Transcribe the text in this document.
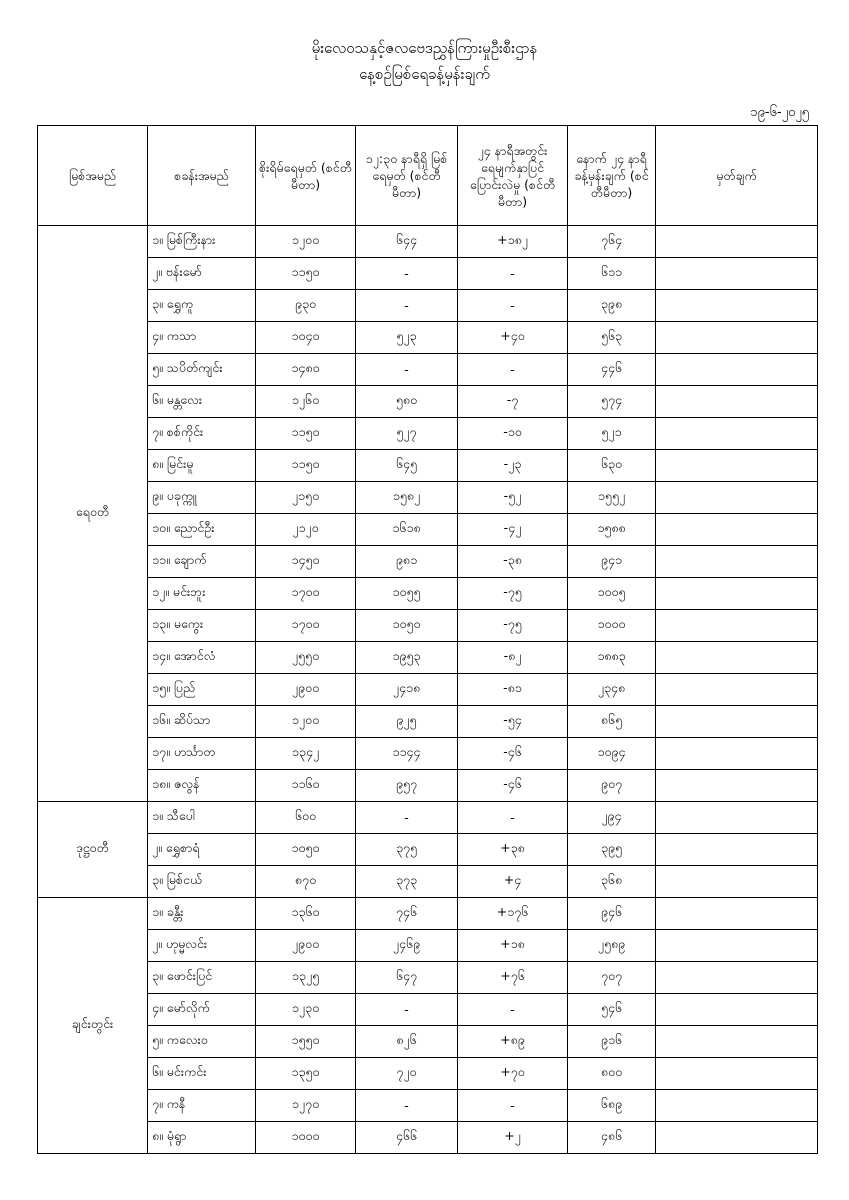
မိုးလေဝသနှင့်ဇလဗေဒညွှန်ကြားမှုဦးစီးဌာန
နေ့စဉ်မြစ်ရေခန့်မှန်းချက်
၁၉-၆-၂၀၂၅
မြစ်အမည်	စခန်းအမည်	စိုးရိမ်ရေမှတ် (စင်တီမီတာ)	၁၂:၃၀ နာရီရှိ မြစ်ရေမှတ် (စင်တီမီတာ)	၂၄ နာရီအတွင်း ရေမျက်နှာပြင် ပြောင်းလဲမှု (စင်တီမီတာ)	နောက် ၂၄ နာရီ ခန့်မှန်းချက် (စင်တီမီတာ)	မှတ်ချက်
ရေဝတီ	၁။ မြစ်ကြီးနား	၁၂၀၀	၆၄၄	+၁၈၂	၇၆၄	
	၂။ ဗန်းမော်	၁၁၅၀	-	-	၆၁၁	
	၃။ ရွှေကူ	၉၃၀	-	-	၃၉၈	
	၄။ ကသာ	၁၀၄၀	၅၂၃	+၄၀	၅၆၃	
	၅။ သပိတ်ကျင်း	၁၄၈၀	-	-	၄၄၆	
	၆။ မန္တလေး	၁၂၆၀	၅၈၀	-၇	၅၇၄	
	၇။ စစ်ကိုင်း	၁၁၅၀	၅၂၇	-၁၀	၅၂၁	
	၈။ မြင်းမူ	၁၁၅၀	၆၄၅	-၂၃	၆၃၀	
	၉။ ပခုက္ကူ	၂၁၅၀	၁၅၈၂	-၅၂	၁၅၅၂	
	၁၀။ ညောင်ဦး	၂၁၂၀	၁၆၁၈	-၄၂	၁၅၈၈	
	၁၁။ ချောက်	၁၄၅၀	၉၈၁	-၃၈	၉၄၁	
	၁၂။ မင်းဘူး	၁၇၀၀	၁၀၅၅	-၇၅	၁၀၀၅	
	၁၃။ မကွေး	၁၇၀၀	၁၀၅၀	-၇၅	၁၀၀၀	
	၁၄။ အောင်လံ	၂၅၅၀	၁၉၅၃	-၈၂	၁၈၈၃	
	၁၅။ ပြည်	၂၉၀၀	၂၄၁၈	-၈၁	၂၃၄၈	
	၁၆။ ဆိပ်သာ	၁၂၀၀	၉၂၅	-၅၄	၈၆၅	
	၁၇။ ဟင်္သာတ	၁၃၄၂	၁၁၄၄	-၄၆	၁၀၉၄	
	၁၈။ ဇလွန်	၁၁၆၀	၉၅၇	-၄၆	၉၀၇	
ဒုဋ္ဌဝတီ	၁။ သီပေါ	၆၀၀	-	-	၂၉၄	
	၂။ ရွှေစာရံ	၁၀၅၀	၃၇၅	+၃၈	၃၉၅	
	၃။ မြစ်ငယ်	၈၇၀	၃၇၃	+၄	၃၆၈	
ချင်းတွင်း	၁။ ခန္တီး	၁၃၆၀	၇၄၆	+၁၇၆	၉၄၆	
	၂။ ဟုမ္မလင်း	၂၉၀၀	၂၄၆၉	+၁၈	၂၅၈၉	
	၃။ ဖောင်းပြင်	၁၃၂၅	၆၄၇	+၇၆	၇၀၇	
	၄။ မော်လိုက်	၁၂၃၀	-	-	၅၄၆	
	၅။ ကလေးဝ	၁၅၅၀	၈၂၆	+၈၉	၉၁၆	
	၆။ မင်းကင်း	၁၃၅၀	၇၂၀	+၇၀	၈၀၀	
	၇။ ကနီ	၁၂၇၀	-	-	၆၈၉	
	၈။ မုံရွာ	၁၀၀၀	၄၆၆	+၂	၄၈၆	
